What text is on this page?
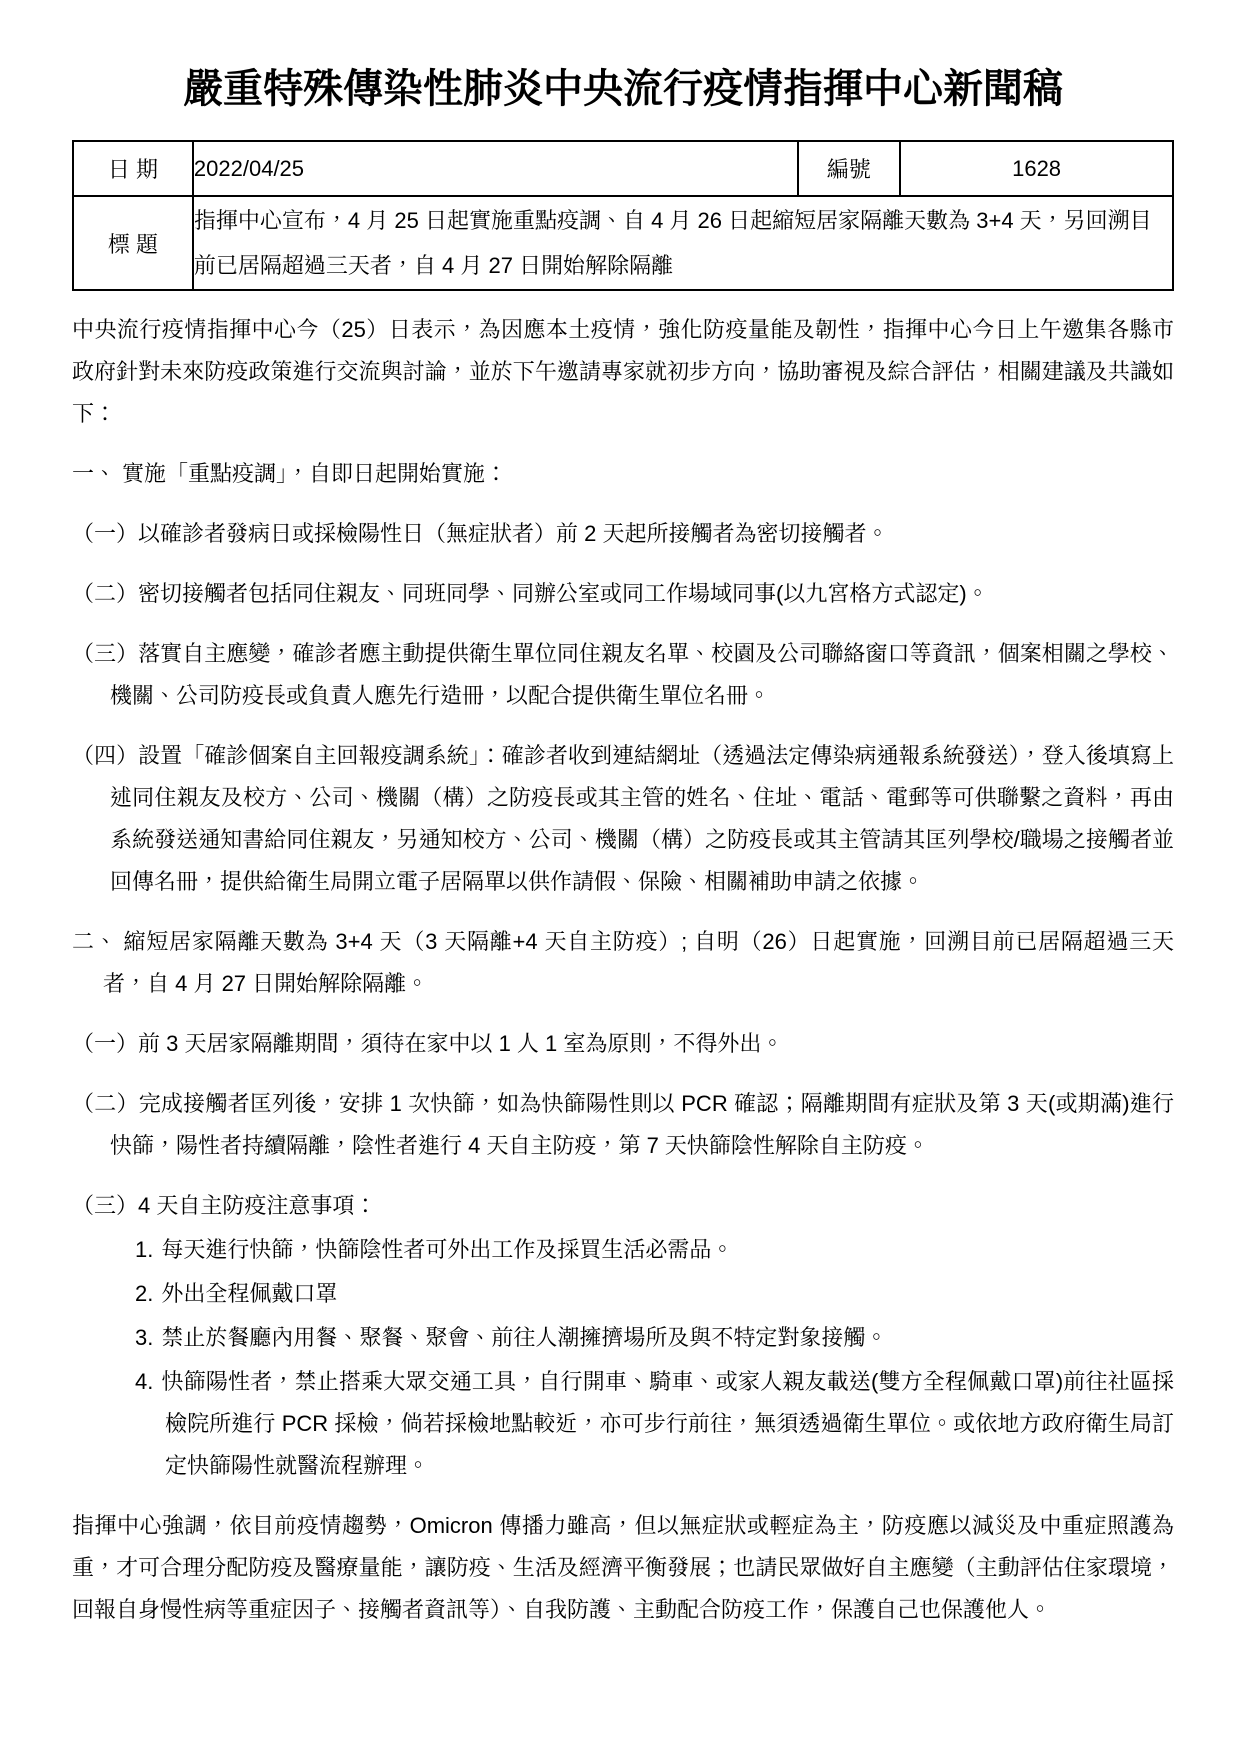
嚴重特殊傳染性肺炎中央流行疫情指揮中心新聞稿
日 期	2022/04/25	編號	1628
標 題	指揮中心宣布，4 月 25 日起實施重點疫調、自 4 月 26 日起縮短居家隔離天數為 3+4 天，另回溯目前已居隔超過三天者，自 4 月 27 日開始解除隔離		

中央流行疫情指揮中心今（25）日表示，為因應本土疫情，強化防疫量能及韌性，指揮中心今日上午邀集各縣市政府針對未來防疫政策進行交流與討論，並於下午邀請專家就初步方向，協助審視及綜合評估，相關建議及共識如下：

一、 實施「重點疫調」，自即日起開始實施：

（一）以確診者發病日或採檢陽性日（無症狀者）前 2 天起所接觸者為密切接觸者。

（二）密切接觸者包括同住親友、同班同學、同辦公室或同工作場域同事(以九宮格方式認定)。

（三）落實自主應變，確診者應主動提供衛生單位同住親友名單、校園及公司聯絡窗口等資訊，個案相關之學校、機關、公司防疫長或負責人應先行造冊，以配合提供衛生單位名冊。

（四）設置「確診個案自主回報疫調系統」：確診者收到連結網址（透過法定傳染病通報系統發送），登入後填寫上述同住親友及校方、公司、機關（構）之防疫長或其主管的姓名、住址、電話、電郵等可供聯繫之資料，再由系統發送通知書給同住親友，另通知校方、公司、機關（構）之防疫長或其主管請其匡列學校/職場之接觸者並回傳名冊，提供給衛生局開立電子居隔單以供作請假、保險、相關補助申請之依據。

二、 縮短居家隔離天數為 3+4 天（3 天隔離+4 天自主防疫）; 自明（26）日起實施，回溯目前已居隔超過三天者，自 4 月 27 日開始解除隔離。

（一）前 3 天居家隔離期間，須待在家中以 1 人 1 室為原則，不得外出。

（二）完成接觸者匡列後，安排 1 次快篩，如為快篩陽性則以 PCR 確認；隔離期間有症狀及第 3 天(或期滿)進行快篩，陽性者持續隔離，陰性者進行 4 天自主防疫，第 7 天快篩陰性解除自主防疫。

（三）4 天自主防疫注意事項：

1. 每天進行快篩，快篩陰性者可外出工作及採買生活必需品。

2. 外出全程佩戴口罩

3. 禁止於餐廳內用餐、聚餐、聚會、前往人潮擁擠場所及與不特定對象接觸。

4. 快篩陽性者，禁止搭乘大眾交通工具，自行開車、騎車、或家人親友載送(雙方全程佩戴口罩)前往社區採檢院所進行 PCR 採檢，倘若採檢地點較近，亦可步行前往，無須透過衛生單位。或依地方政府衛生局訂定快篩陽性就醫流程辦理。

指揮中心強調，依目前疫情趨勢，Omicron 傳播力雖高，但以無症狀或輕症為主，防疫應以減災及中重症照護為重，才可合理分配防疫及醫療量能，讓防疫、生活及經濟平衡發展；也請民眾做好自主應變（主動評估住家環境，回報自身慢性病等重症因子、接觸者資訊等）、自我防護、主動配合防疫工作，保護自己也保護他人。
